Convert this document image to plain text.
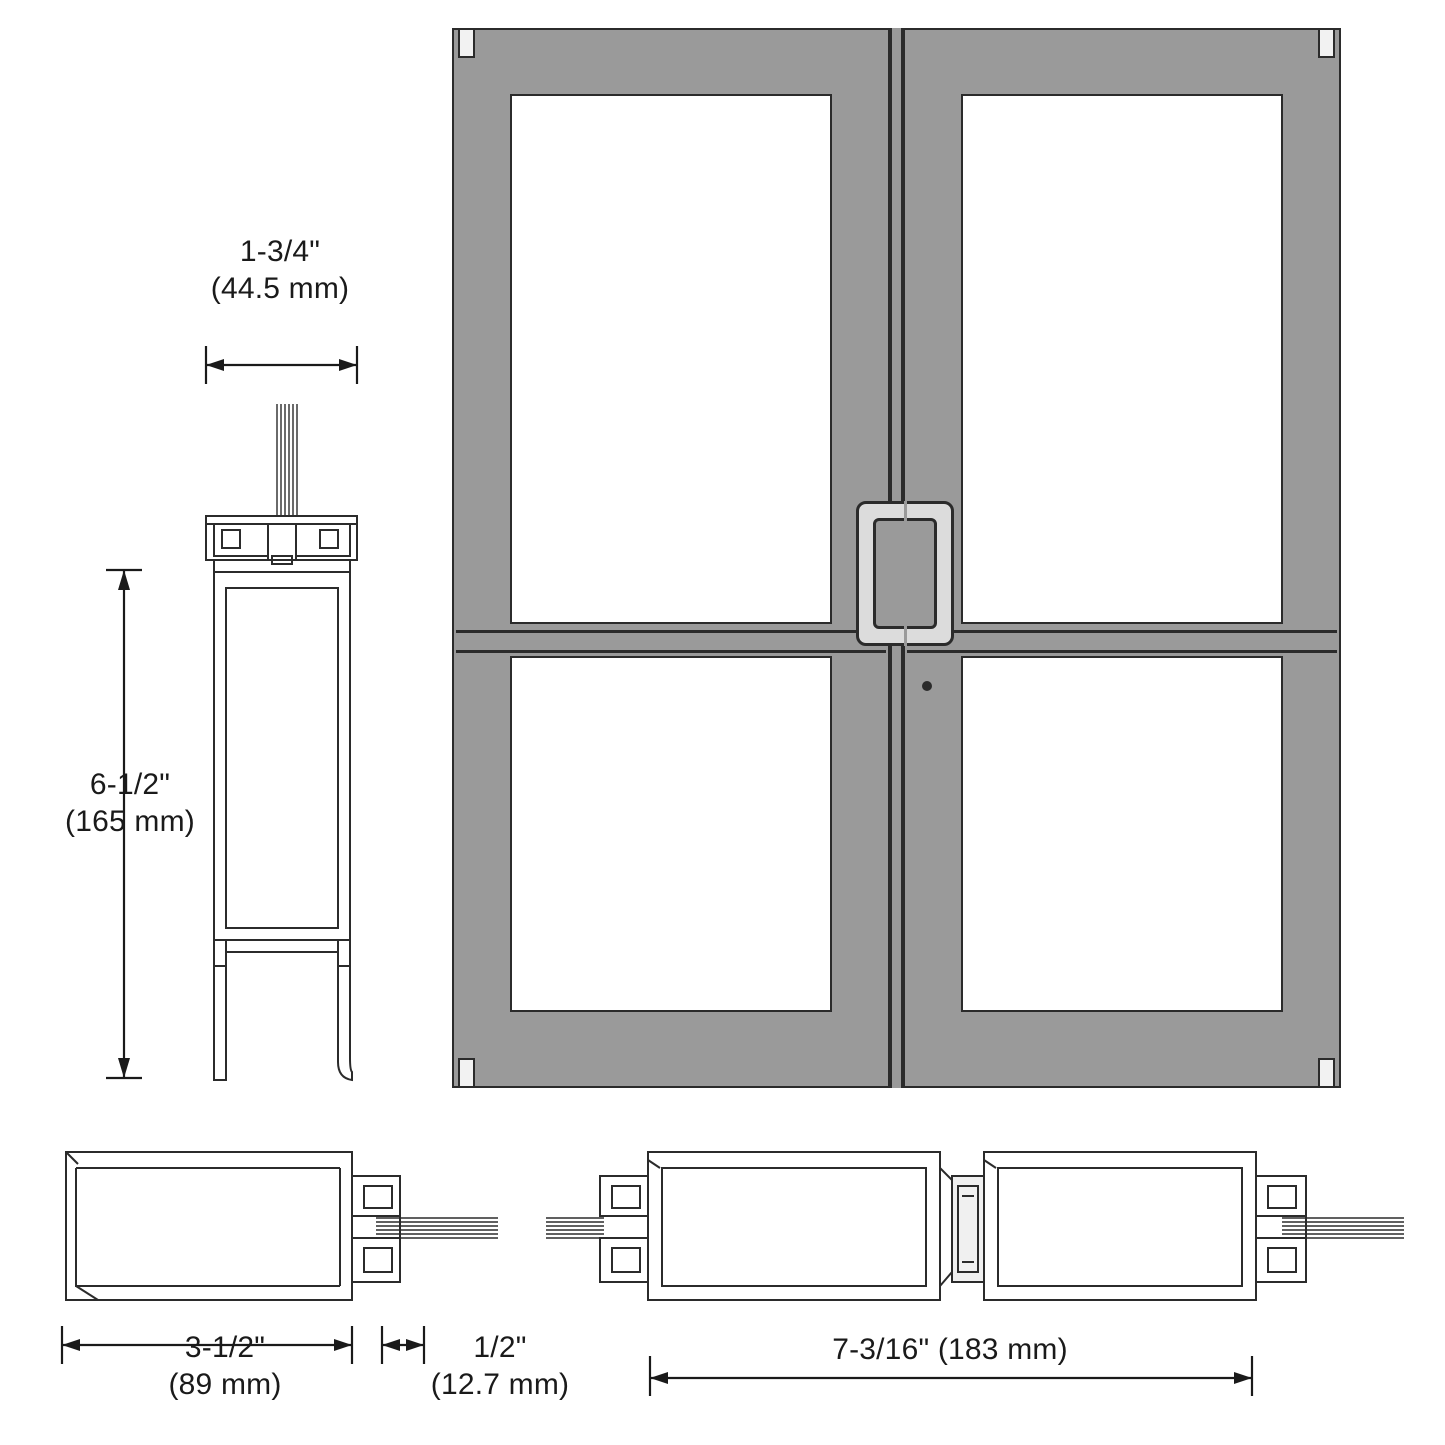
1-3/4"
(44.5 mm)
6-1/2"
(165 mm)
3-1/2"
(89 mm)
1/2"
(12.7 mm)
7-3/16" (183 mm)
